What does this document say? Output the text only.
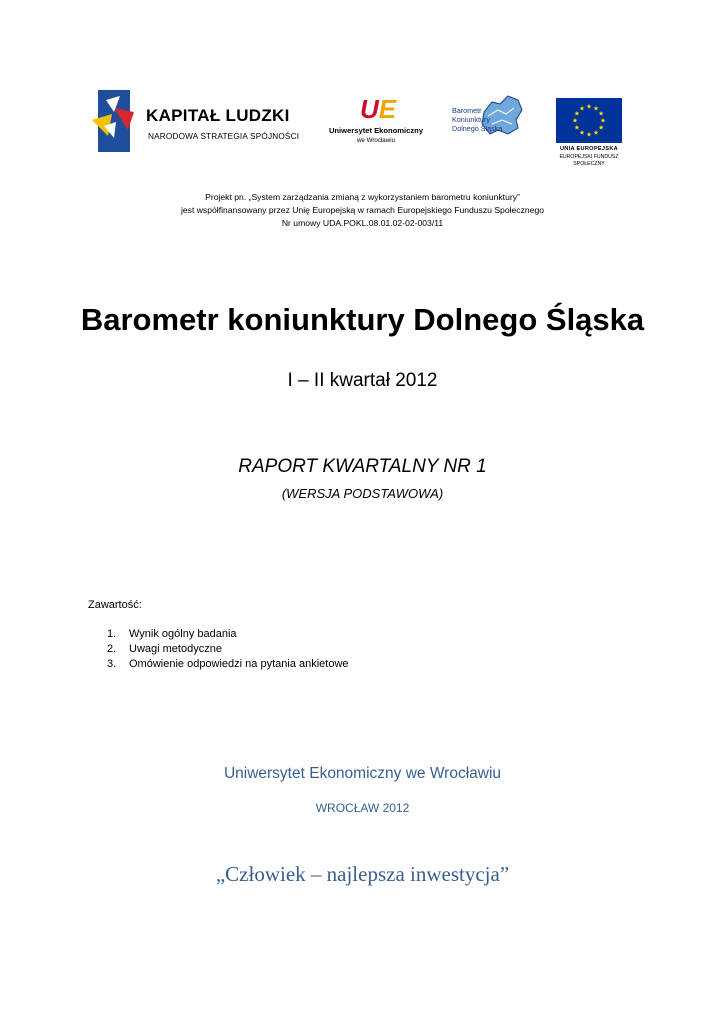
KAPITAŁ LUDZKI
NARODOWA STRATEGIA SPÓJNOŚCI
UE
Uniwersytet Ekonomiczny
we Wrocławiu
Barometr
Koniunktury
Dolnego Śląska
UNIA EUROPEJSKA
EUROPEJSKI FUNDUSZ
SPOŁECZNY
Projekt pn. „System zarządzania zmianą z wykorzystaniem barometru koniunktury”
jest współfinansowany przez Unię Europejską w ramach Europejskiego Funduszu Społecznego
Nr umowy UDA.POKL.08.01.02-02-003/11
Barometr koniunktury Dolnego Śląska
I – II kwartał 2012
RAPORT KWARTALNY NR 1
(WERSJA PODSTAWOWA)
Zawartość:
1.	Wynik ogólny badania
2.	Uwagi metodyczne
3.	Omówienie odpowiedzi na pytania ankietowe
Uniwersytet Ekonomiczny we Wrocławiu
WROCŁAW 2012
„Człowiek – najlepsza inwestycja”
